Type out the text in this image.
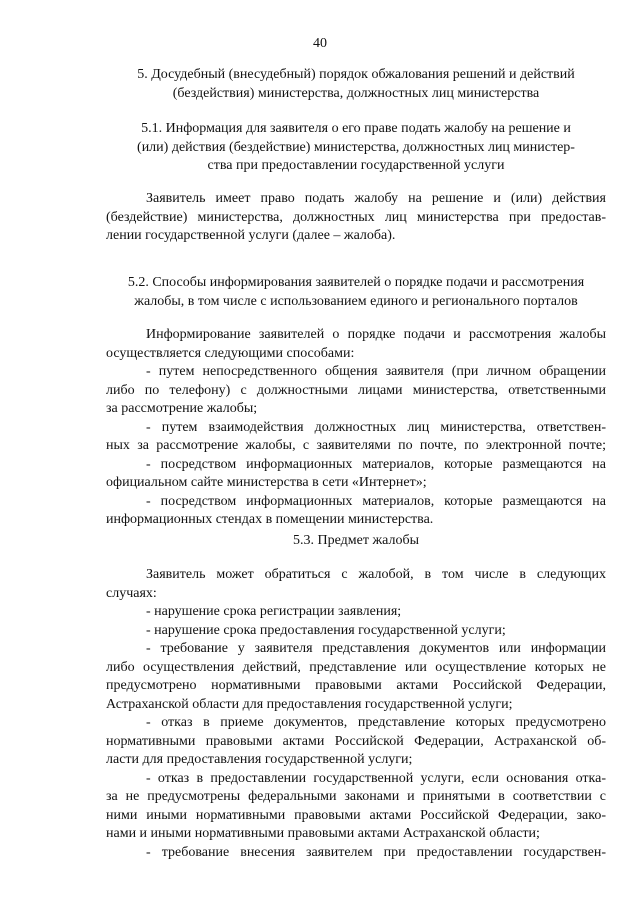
40

5. Досудебный (внесудебный) порядок обжалования решений и действий

(бездействия) министерства, должностных лиц министерства

5.1. Информация для заявителя о его праве подать жалобу на решение и

(или) действия (бездействие) министерства, должностных лиц министер-

ства при предоставлении государственной услуги

Заявитель имеет право подать жалобу на решение и (или) действия

(бездействие) министерства, должностных лиц министерства при предостав-

лении государственной услуги (далее – жалоба).

5.2. Способы информирования заявителей о порядке подачи и рассмотрения

жалобы, в том числе с использованием единого и регионального порталов

Информирование заявителей о порядке подачи и рассмотрения жалобы

осуществляется следующими способами:

- путем непосредственного общения заявителя (при личном обращении

либо по телефону) с должностными лицами министерства, ответственными

за рассмотрение жалобы;

- путем взаимодействия должностных лиц министерства, ответствен-

ных за рассмотрение жалобы, с заявителями по почте, по электронной почте;

- посредством информационных материалов, которые размещаются на

официальном сайте министерства в сети «Интернет»;

- посредством информационных материалов, которые размещаются на

информационных стендах в помещении министерства.

5.3. Предмет жалобы

Заявитель может обратиться с жалобой, в том числе в следующих

случаях:

- нарушение срока регистрации заявления;

- нарушение срока предоставления государственной услуги;

- требование у заявителя представления документов или информации

либо осуществления действий, представление или осуществление которых не

предусмотрено нормативными правовыми актами Российской Федерации,

Астраханской области для предоставления государственной услуги;

- отказ в приеме документов, представление которых предусмотрено

нормативными правовыми актами Российской Федерации, Астраханской об-

ласти для предоставления государственной услуги;

- отказ в предоставлении государственной услуги, если основания отка-

за не предусмотрены федеральными законами и принятыми в соответствии с

ними иными нормативными правовыми актами Российской Федерации, зако-

нами и иными нормативными правовыми актами Астраханской области;

- требование внесения заявителем при предоставлении государствен-
